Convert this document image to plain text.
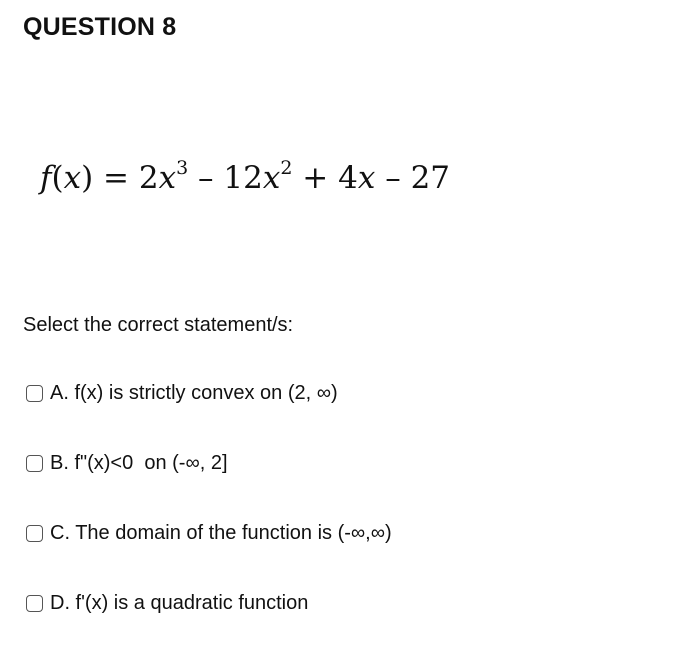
QUESTION 8
$f(x) = 2x^3 - 12x^2 + 4x - 27$

Select the correct statement/s:

A. f(x) is strictly convex on (2, ∞)
B. f"(x)<0  on (-∞, 2]
C. The domain of the function is (-∞,∞)
D. f'(x) is a quadratic function
